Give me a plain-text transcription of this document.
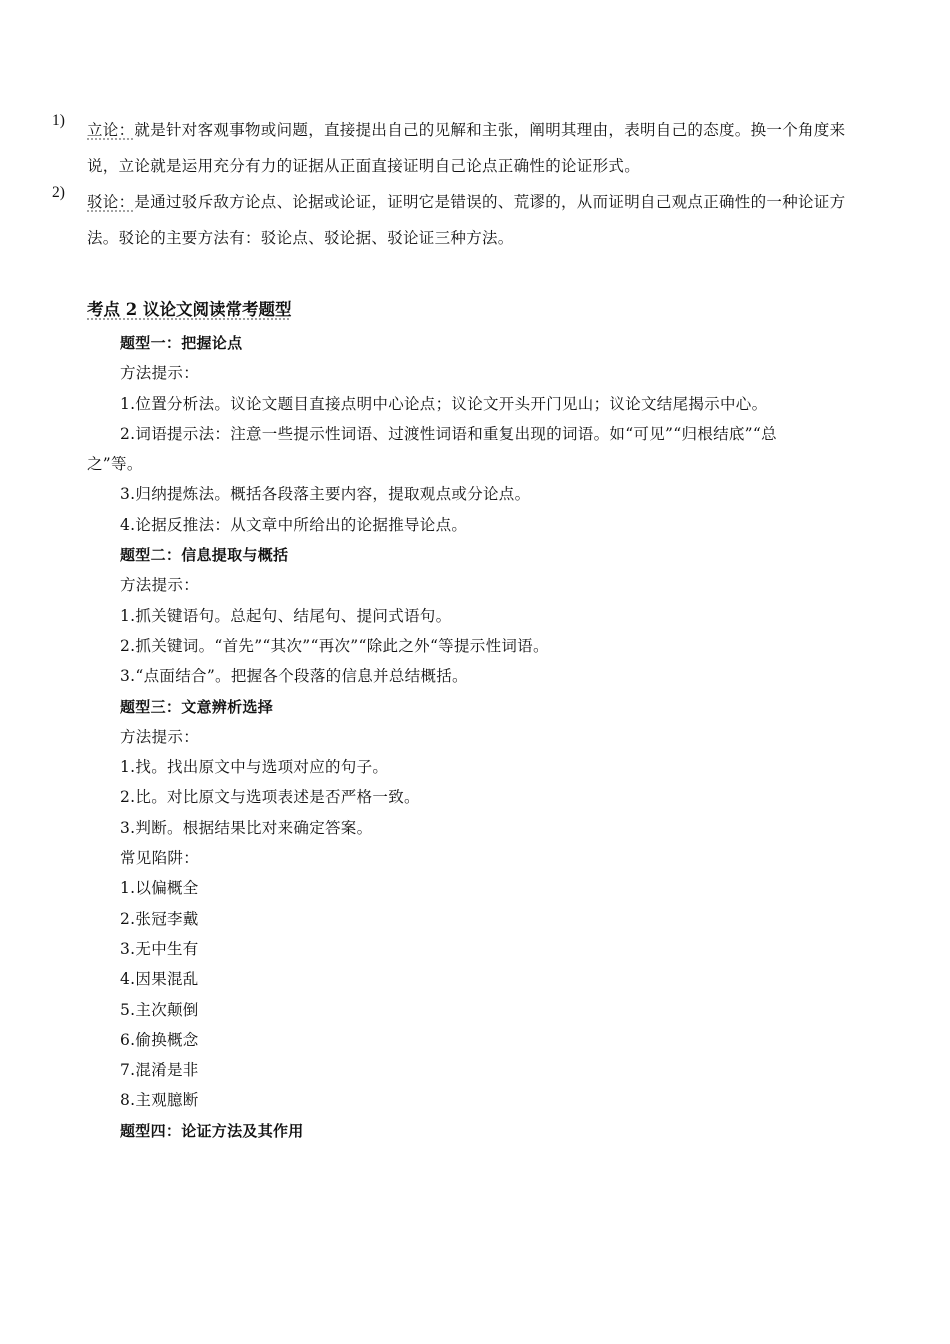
1)
立论：就是针对客观事物或问题，直接提出自己的见解和主张，阐明其理由，表明自己的态度。换一个角度来说，立论就是运用充分有力的证据从正面直接证明自己论点正确性的论证形式。
2)
驳论：是通过驳斥敌方论点、论据或论证，证明它是错误的、荒谬的，从而证明自己观点正确性的一种论证方法。驳论的主要方法有：驳论点、驳论据、驳论证三种方法。
考点 2 议论文阅读常考题型
题型一：把握论点
方法提示：
1.位置分析法。议论文题目直接点明中心论点；议论文开头开门见山；议论文结尾揭示中心。
2.词语提示法：注意一些提示性词语、过渡性词语和重复出现的词语。如“可见”“归根结底”“总
之”等。
3.归纳提炼法。概括各段落主要内容，提取观点或分论点。
4.论据反推法：从文章中所给出的论据推导论点。
题型二：信息提取与概括
方法提示：
1.抓关键语句。总起句、结尾句、提问式语句。
2.抓关键词。“首先”“其次”“再次”“除此之外“等提示性词语。
3.“点面结合”。把握各个段落的信息并总结概括。
题型三：文意辨析选择
方法提示：
1.找。找出原文中与选项对应的句子。
2.比。对比原文与选项表述是否严格一致。
3.判断。根据结果比对来确定答案。
常见陷阱：
1.以偏概全
2.张冠李戴
3.无中生有
4.因果混乱
5.主次颠倒
6.偷换概念
7.混淆是非
8.主观臆断
题型四：论证方法及其作用
